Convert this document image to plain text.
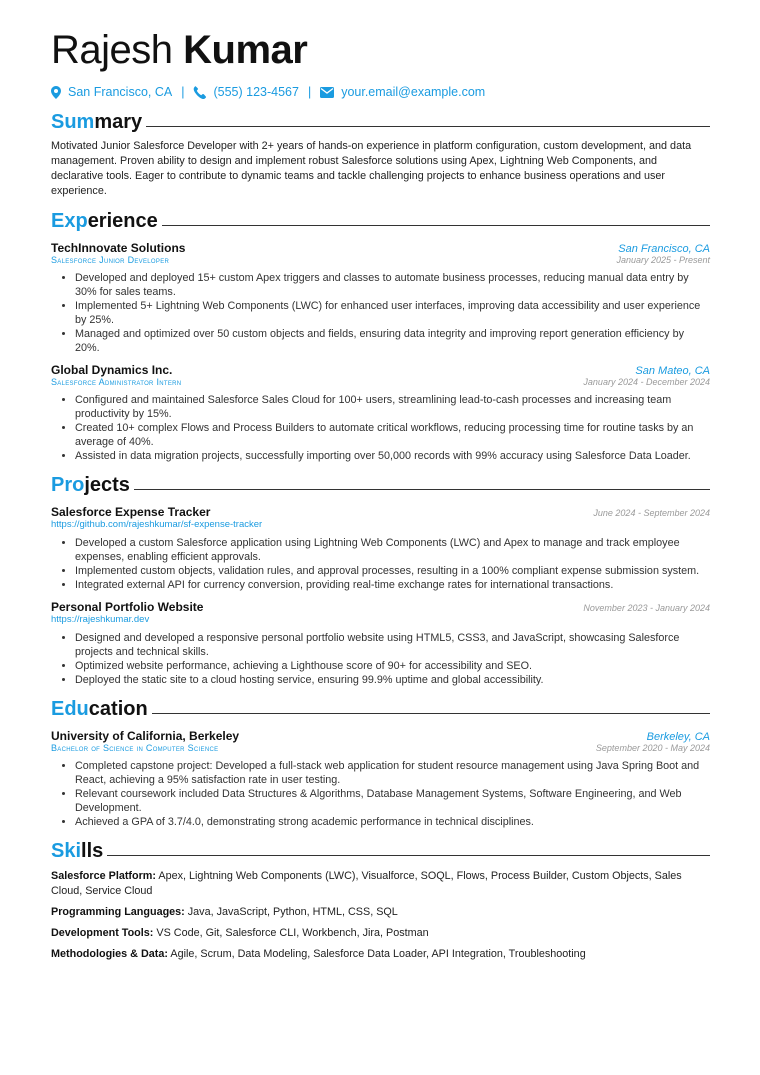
Rajesh Kumar
San Francisco, CA | (555) 123-4567 | your.email@example.com
Summary
Motivated Junior Salesforce Developer with 2+ years of hands-on experience in platform configuration, custom development, and data management. Proven ability to design and implement robust Salesforce solutions using Apex, Lightning Web Components, and declarative tools. Eager to contribute to dynamic teams and tackle challenging projects to enhance business operations and user experience.
Experience
TechInnovate Solutions	San Francisco, CA
Salesforce Junior Developer	January 2025 - Present
• Developed and deployed 15+ custom Apex triggers and classes to automate business processes, reducing manual data entry by 30% for sales teams.
• Implemented 5+ Lightning Web Components (LWC) for enhanced user interfaces, improving data accessibility and user experience by 25%.
• Managed and optimized over 50 custom objects and fields, ensuring data integrity and improving report generation efficiency by 20%.
Global Dynamics Inc.	San Mateo, CA
Salesforce Administrator Intern	January 2024 - December 2024
• Configured and maintained Salesforce Sales Cloud for 100+ users, streamlining lead-to-cash processes and increasing team productivity by 15%.
• Created 10+ complex Flows and Process Builders to automate critical workflows, reducing processing time for routine tasks by an average of 40%.
• Assisted in data migration projects, successfully importing over 50,000 records with 99% accuracy using Salesforce Data Loader.
Projects
Salesforce Expense Tracker	June 2024 - September 2024
https://github.com/rajeshkumar/sf-expense-tracker
• Developed a custom Salesforce application using Lightning Web Components (LWC) and Apex to manage and track employee expenses, enabling efficient approvals.
• Implemented custom objects, validation rules, and approval processes, resulting in a 100% compliant expense submission system.
• Integrated external API for currency conversion, providing real-time exchange rates for international transactions.
Personal Portfolio Website	November 2023 - January 2024
https://rajeshkumar.dev
• Designed and developed a responsive personal portfolio website using HTML5, CSS3, and JavaScript, showcasing Salesforce projects and technical skills.
• Optimized website performance, achieving a Lighthouse score of 90+ for accessibility and SEO.
• Deployed the static site to a cloud hosting service, ensuring 99.9% uptime and global accessibility.
Education
University of California, Berkeley	Berkeley, CA
Bachelor of Science in Computer Science	September 2020 - May 2024
• Completed capstone project: Developed a full-stack web application for student resource management using Java Spring Boot and React, achieving a 95% satisfaction rate in user testing.
• Relevant coursework included Data Structures & Algorithms, Database Management Systems, Software Engineering, and Web Development.
• Achieved a GPA of 3.7/4.0, demonstrating strong academic performance in technical disciplines.
Skills
Salesforce Platform: Apex, Lightning Web Components (LWC), Visualforce, SOQL, Flows, Process Builder, Custom Objects, Sales Cloud, Service Cloud
Programming Languages: Java, JavaScript, Python, HTML, CSS, SQL
Development Tools: VS Code, Git, Salesforce CLI, Workbench, Jira, Postman
Methodologies & Data: Agile, Scrum, Data Modeling, Salesforce Data Loader, API Integration, Troubleshooting
